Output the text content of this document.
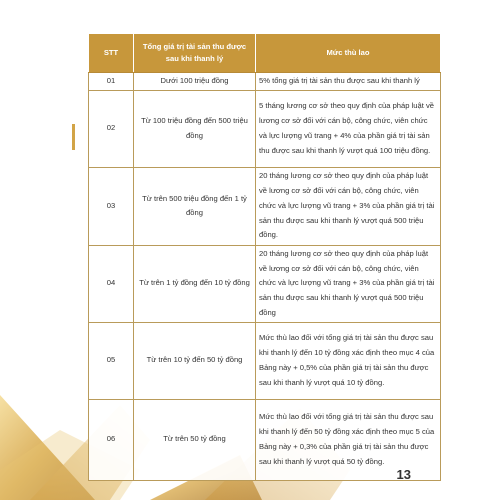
STT	Tổng giá trị tài sản thu được sau khi thanh lý	Mức thù lao
01	Dưới 100 triệu đồng	5% tổng giá trị tài sản thu được sau khi thanh lý
02	Từ 100 triệu đồng đến 500 triệu đồng	5 tháng lương cơ sở theo quy định của pháp luật về lương cơ sở đối với cán bộ, công chức, viên chức và lực lượng vũ trang + 4% của phần giá trị tài sản thu được sau khi thanh lý vượt quá 100 triệu đồng.
03	Từ trên 500 triệu đồng đến 1 tỷ đồng	20 tháng lương cơ sở theo quy định của pháp luật về lương cơ sở đối với cán bộ, công chức, viên chức và lực lượng vũ trang + 3% của phần giá trị tài sản thu được sau khi thanh lý vượt quá 500 triệu đồng.
04	Từ trên 1 tỷ đồng đến 10 tỷ đồng	20 tháng lương cơ sở theo quy định của pháp luật về lương cơ sở đối với cán bộ, công chức, viên chức và lực lượng vũ trang + 3% của phần giá trị tài sản thu được sau khi thanh lý vượt quá 500 triệu đồng
05	Từ trên 10 tỷ đến 50 tỷ đồng	Mức thù lao đối với tổng giá trị tài sản thu được sau khi thanh lý đến 10 tỷ đồng xác định theo mục 4 của Bảng này + 0,5% của phần giá trị tài sản thu được sau khi thanh lý vượt quá 10 tỷ đồng.
06	Từ trên 50 tỷ đồng	Mức thù lao đối với tổng giá trị tài sản thu được sau khi thanh lý đến 50 tỷ đồng xác định theo mục 5 của Bảng này + 0,3% của phần giá trị tài sản thu được sau khi thanh lý vượt quá 50 tỷ đồng.
13
